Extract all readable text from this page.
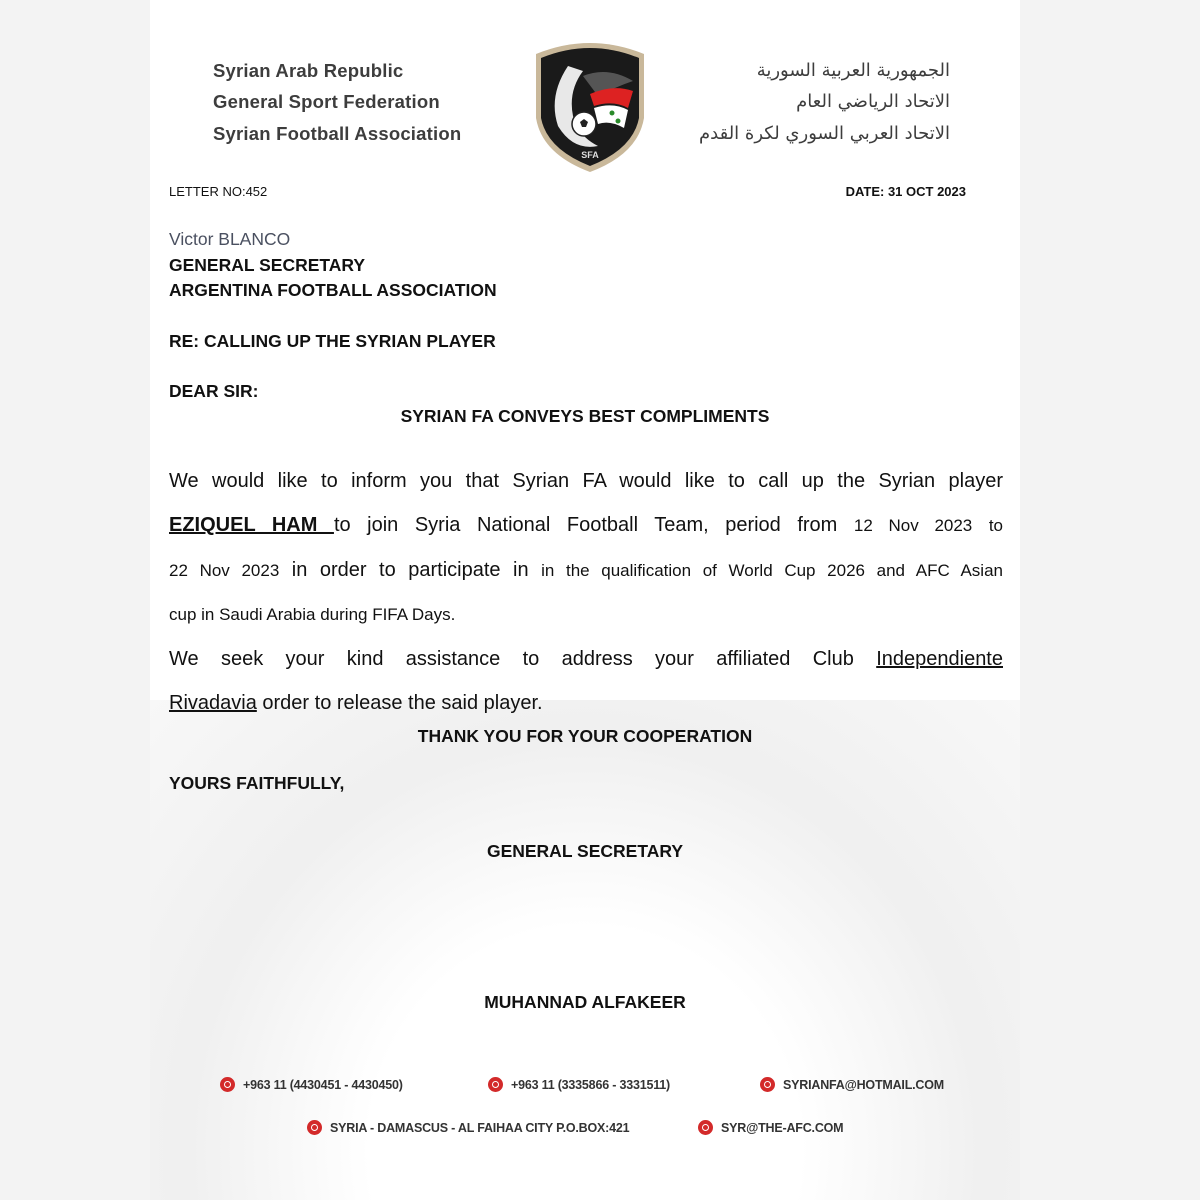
Syrian Arab Republic
General Sport Federation
Syrian Football Association
الجمهورية العربية السورية
الاتحاد الرياضي العام
الاتحاد العربي السوري لكرة القدم
SFA
LETTER NO:452	DATE: 31 OCT 2023
Victor BLANCO
GENERAL SECRETARY
ARGENTINA FOOTBALL ASSOCIATION
RE: CALLING UP THE SYRIAN PLAYER
DEAR SIR:
SYRIAN FA CONVEYS BEST COMPLIMENTS
We would like to inform you that Syrian FA would like to call up the Syrian player
EZIQUEL HAM to join Syria National Football Team, period from 12 Nov 2023 to
22 Nov 2023 in order to participate in in the qualification of World Cup 2026 and AFC Asian
cup in Saudi Arabia during FIFA Days.
We seek your kind assistance to address your affiliated Club Independiente
Rivadavia order to release the said player.
THANK YOU FOR YOUR COOPERATION
YOURS FAITHFULLY,
GENERAL SECRETARY
MUHANNAD ALFAKEER
+963 11 (4430451 - 4430450)	+963 11 (3335866 - 3331511)	SYRIANFA@HOTMAIL.COM
SYRIA - DAMASCUS - AL FAIHAA CITY P.O.BOX:421	SYR@THE-AFC.COM
